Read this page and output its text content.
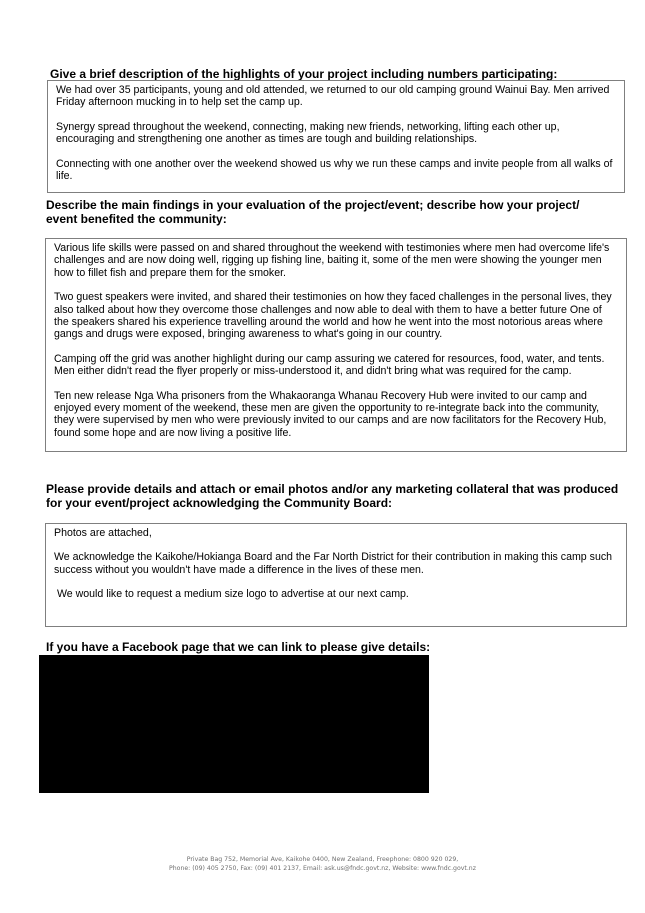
Give a brief description of the highlights of your project including numbers participating:

We had over 35 participants, young and old attended, we returned to our old camping ground Wainui Bay. Men arrived Friday afternoon mucking in to help set the camp up.

Synergy spread throughout the weekend, connecting, making new friends, networking, lifting each other up, encouraging and strengthening one another as times are tough and building relationships.

Connecting with one another over the weekend showed us why we run these camps and invite people from all walks of life.

Describe the main findings in your evaluation of the project/event; describe how your project/
event benefited the community:

Various life skills were passed on and shared throughout the weekend with testimonies where men had overcome life's challenges and are now doing well, rigging up fishing line, baiting it, some of the men were showing the younger men how to fillet fish and prepare them for the smoker.

Two guest speakers were invited, and shared their testimonies on how they faced challenges in the personal lives, they also talked about how they overcome those challenges and now able to deal with them to have a better future One of the speakers shared his experience travelling around the world and how he went into the most notorious areas where gangs and drugs were exposed, bringing awareness to what's going in our country.

Camping off the grid was another highlight during our camp assuring we catered for resources, food, water, and tents. Men either didn't read the flyer properly or miss-understood it, and didn't bring what was required for the camp.

Ten new release Nga Wha prisoners from the Whakaoranga Whanau Recovery Hub were invited to our camp and enjoyed every moment of the weekend, these men are given the opportunity to re-integrate back into the community, they were supervised by men who were previously invited to our camps and are now facilitators for the Recovery Hub, found some hope and are now living a positive life.

Please provide details and attach or email photos and/or any marketing collateral that was produced
for your event/project acknowledging the Community Board:

Photos are attached,

We acknowledge the Kaikohe/Hokianga Board and the Far North District for their contribution in making this camp such success without you wouldn't have made a difference in the lives of these men.

We would like to request a medium size logo to advertise at our next camp.

If you have a Facebook page that we can link to please give details:

Private Bag 752, Memorial Ave, Kaikohe 0400, New Zealand, Freephone: 0800 920 029,
Phone: (09) 405 2750, Fax: (09) 401 2137, Email: ask.us@fndc.govt.nz, Website: www.fndc.govt.nz
